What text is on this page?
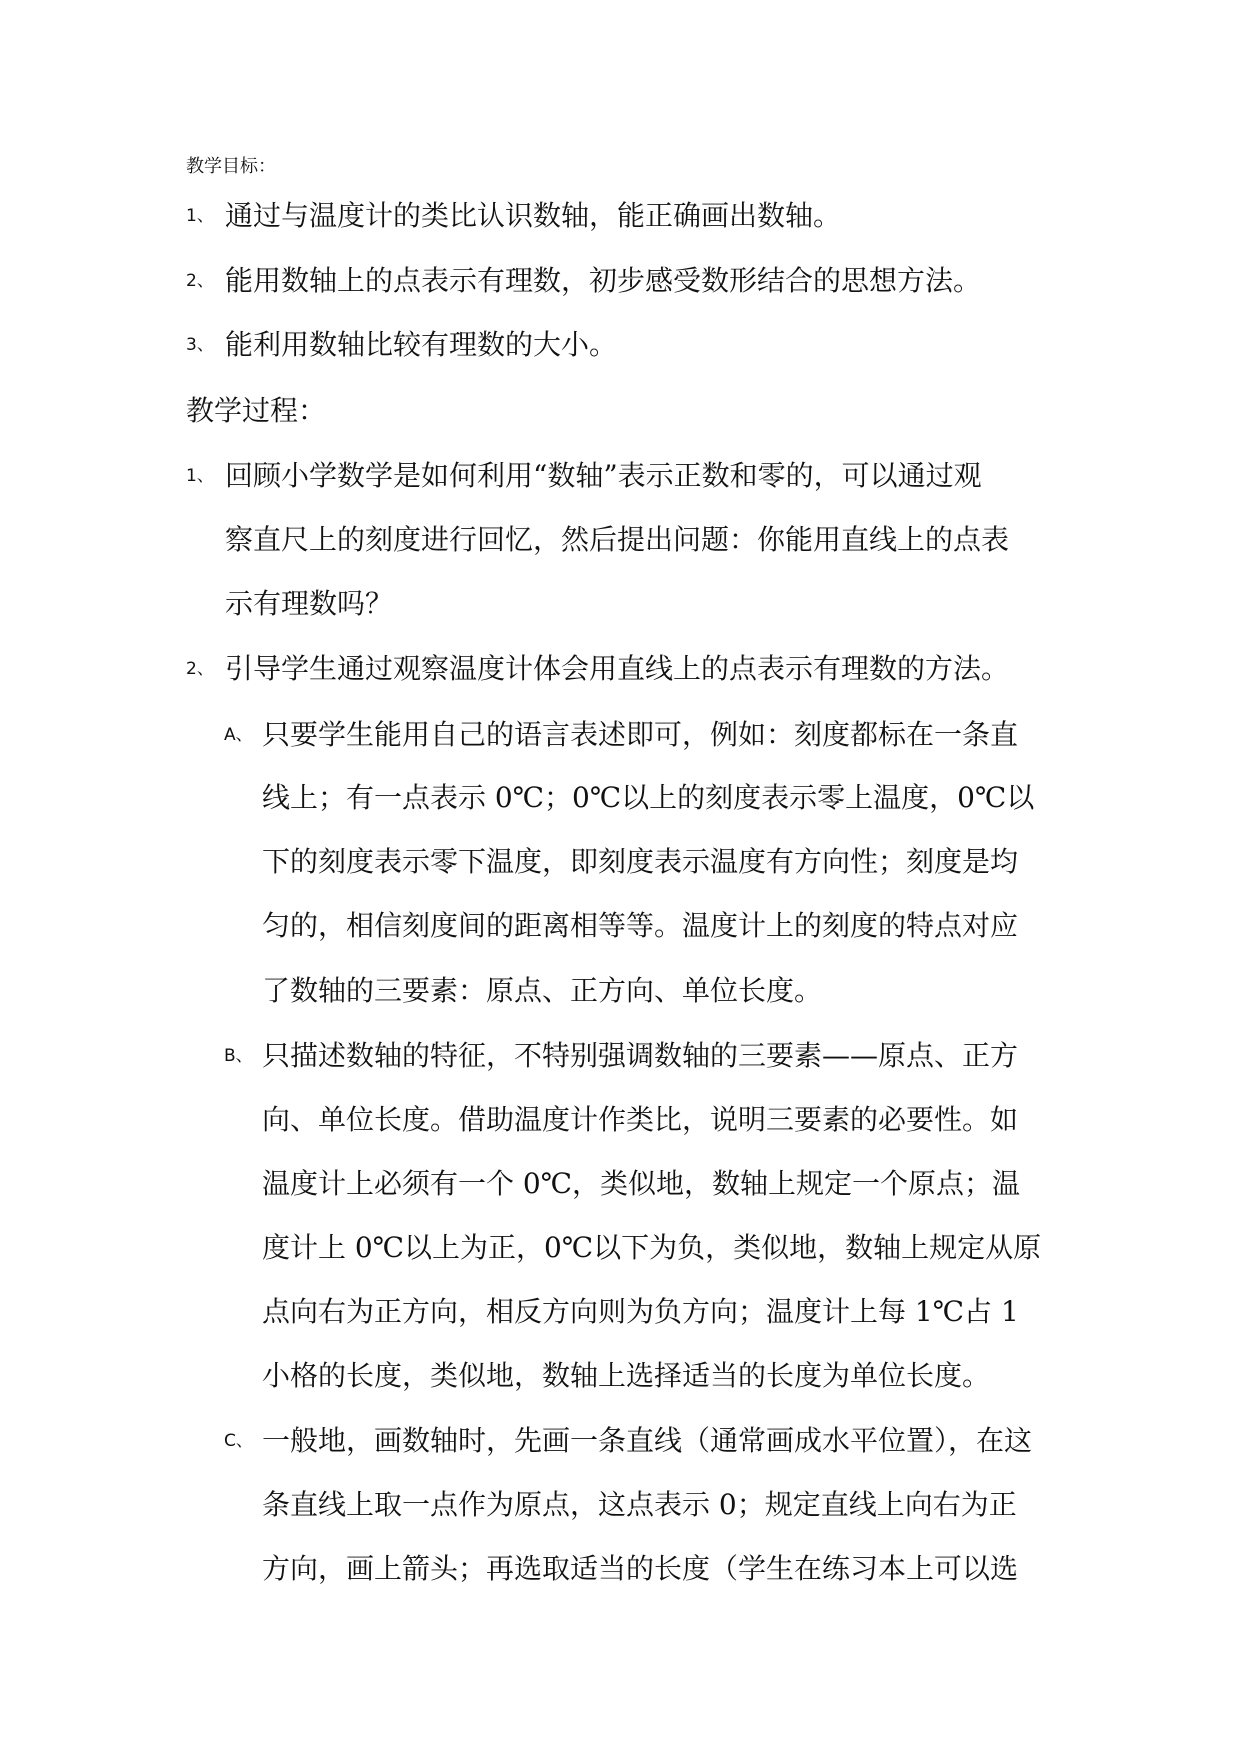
教学目标：
1、 通过与温度计的类比认识数轴，能正确画出数轴。
2、 能用数轴上的点表示有理数，初步感受数形结合的思想方法。
3、 能利用数轴比较有理数的大小。
教学过程：
1、 回顾小学数学是如何利用“数轴”表示正数和零的，可以通过观
察直尺上的刻度进行回忆，然后提出问题：你能用直线上的点表
示有理数吗？
2、 引导学生通过观察温度计体会用直线上的点表示有理数的方法。
A、 只要学生能用自己的语言表述即可，例如：刻度都标在一条直
线上；有一点表示 0℃；0℃以上的刻度表示零上温度，0℃以
下的刻度表示零下温度，即刻度表示温度有方向性；刻度是均
匀的，相信刻度间的距离相等等。温度计上的刻度的特点对应
了数轴的三要素：原点、正方向、单位长度。
B、 只描述数轴的特征，不特别强调数轴的三要素——原点、正方
向、单位长度。借助温度计作类比，说明三要素的必要性。如
温度计上必须有一个 0℃，类似地，数轴上规定一个原点；温
度计上 0℃以上为正，0℃以下为负，类似地，数轴上规定从原
点向右为正方向，相反方向则为负方向；温度计上每 1℃占 1
小格的长度，类似地，数轴上选择适当的长度为单位长度。
C、 一般地，画数轴时，先画一条直线（通常画成水平位置），在这
条直线上取一点作为原点，这点表示 0；规定直线上向右为正
方向，画上箭头；再选取适当的长度（学生在练习本上可以选
